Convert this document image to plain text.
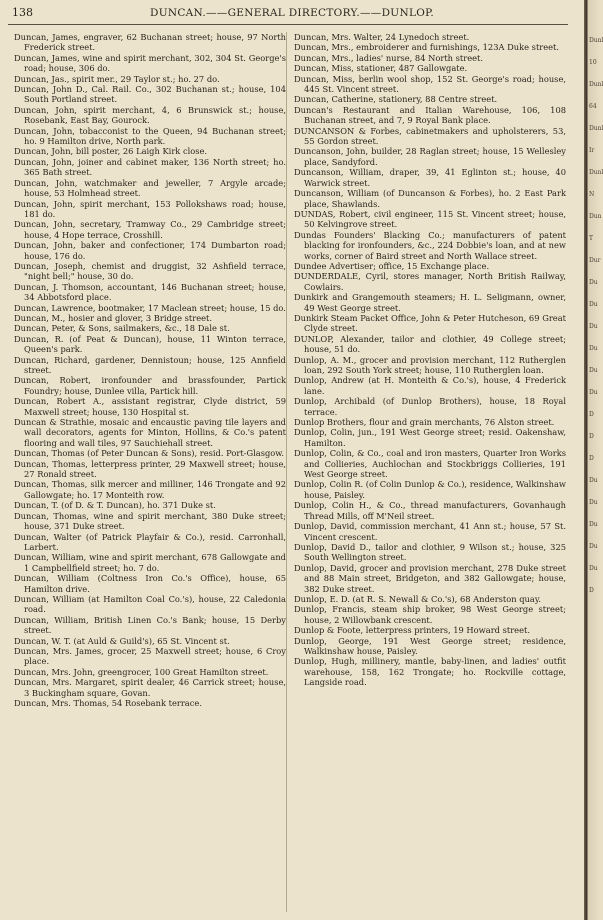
138	DUNCAN.——GENERAL DIRECTORY.——DUNLOP.

Duncan, James, engraver, 62 Buchanan street; house, 97 North Frederick street.

Duncan, James, wine and spirit merchant, 302, 304 St. George's road; house, 306 do.

Duncan, Jas., spirit mer., 29 Taylor st.; ho. 27 do.

Duncan, John D., Cal. Rail. Co., 302 Buchanan st.; house, 104 South Portland street.

Duncan, John, spirit merchant, 4, 6 Brunswick st.; house, Rosebank, East Bay, Gourock.

Duncan, John, tobacconist to the Queen, 94 Buchanan street; ho. 9 Hamilton drive, North park.

Duncan, John, bill poster, 26 Laigh Kirk close.

Duncan, John, joiner and cabinet maker, 136 North street; ho. 365 Bath street.

Duncan, John, watchmaker and jeweller, 7 Argyle arcade; house, 53 Holmhead street.

Duncan, John, spirit merchant, 153 Pollokshaws road; house, 181 do.

Duncan, John, secretary, Tramway Co., 29 Cambridge street; house, 4 Hope terrace, Crosshill.

Duncan, John, baker and confectioner, 174 Dumbarton road; house, 176 do.

Duncan, Joseph, chemist and druggist, 32 Ashfield terrace, "night bell;" house, 30 do.

Duncan, J. Thomson, accountant, 146 Buchanan street; house, 34 Abbotsford place.

Duncan, Lawrence, bootmaker, 17 Maclean street; house, 15 do.

Duncan, M., hosier and glover, 3 Bridge street.

Duncan, Peter, & Sons, sailmakers, &c., 18 Dale st.

Duncan, R. (of Peat & Duncan), house, 11 Winton terrace, Queen's park.

Duncan, Richard, gardener, Dennistoun; house, 125 Annfield street.

Duncan, Robert, ironfounder and brassfounder, Partick Foundry; house, Dunlee villa, Partick hill.

Duncan, Robert A., assistant registrar, Clyde district, 59 Maxwell street; house, 130 Hospital st.

Duncan & Strathie, mosaic and encaustic paving tile layers and wall decorators, agents for Minton, Hollins, & Co.'s patent flooring and wall tiles, 97 Sauchiehall street.

Duncan, Thomas (of Peter Duncan & Sons), resid. Port-Glasgow.

Duncan, Thomas, letterpress printer, 29 Maxwell street; house, 27 Ronald street.

Duncan, Thomas, silk mercer and milliner, 146 Trongate and 92 Gallowgate; ho. 17 Monteith row.

Duncan, T. (of D. & T. Duncan), ho. 371 Duke st.

Duncan, Thomas, wine and spirit merchant, 380 Duke street; house, 371 Duke street.

Duncan, Walter (of Patrick Playfair & Co.), resid. Carronhall, Larbert.

Duncan, William, wine and spirit merchant, 678 Gallowgate and 1 Campbellfield street; ho. 7 do.

Duncan, William (Coltness Iron Co.'s Office), house, 65 Hamilton drive.

Duncan, William (at Hamilton Coal Co.'s), house, 22 Caledonia road.

Duncan, William, British Linen Co.'s Bank; house, 15 Derby street.

Duncan, W. T. (at Auld & Guild's), 65 St. Vincent st.

Duncan, Mrs. James, grocer, 25 Maxwell street; house, 6 Croy place.

Duncan, Mrs. John, greengrocer, 100 Great Hamilton street.

Duncan, Mrs. Margaret, spirit dealer, 46 Carrick street; house, 3 Buckingham square, Govan.

Duncan, Mrs. Thomas, 54 Rosebank terrace.

Duncan, Mrs. Walter, 24 Lynedoch street.

Duncan, Mrs., embroiderer and furnishings, 123A Duke street.

Duncan, Mrs., ladies' nurse, 84 North street.

Duncan, Miss, stationer, 487 Gallowgate.

Duncan, Miss, berlin wool shop, 152 St. George's road; house, 445 St. Vincent street.

Duncan, Catherine, stationery, 88 Centre street.

Duncan's Restaurant and Italian Warehouse, 106, 108 Buchanan street, and 7, 9 Royal Bank place.

DUNCANSON & Forbes, cabinetmakers and upholsterers, 53, 55 Gordon street.

Duncanson, John, builder, 28 Raglan street; house, 15 Wellesley place, Sandyford.

Duncanson, William, draper, 39, 41 Eglinton st.; house, 40 Warwick street.

Duncanson, William (of Duncanson & Forbes), ho. 2 East Park place, Shawlands.

DUNDAS, Robert, civil engineer, 115 St. Vincent street; house, 50 Kelvingrove street.

Dundas Founders' Blacking Co.; manufacturers of patent blacking for ironfounders, &c., 224 Dobbie's loan, and at new works, corner of Baird street and North Wallace street.

Dundee Advertiser; office, 15 Exchange place.

DUNDERDALE, Cyril, stores manager, North British Railway, Cowlairs.

Dunkirk and Grangemouth steamers; H. L. Seligmann, owner, 49 West George street.

Dunkirk Steam Packet Office, John & Peter Hutcheson, 69 Great Clyde street.

DUNLOP, Alexander, tailor and clothier, 49 College street; house, 51 do.

Dunlop, A. M., grocer and provision merchant, 112 Rutherglen loan, 292 South York street; house, 110 Rutherglen loan.

Dunlop, Andrew (at H. Monteith & Co.'s), house, 4 Frederick lane.

Dunlop, Archibald (of Dunlop Brothers), house, 18 Royal terrace.

Dunlop Brothers, flour and grain merchants, 76 Alston street.

Dunlop, Colin, jun., 191 West George street; resid. Oakenshaw, Hamilton.

Dunlop, Colin, & Co., coal and iron masters, Quarter Iron Works and Collieries, Auchlochan and Stockbriggs Collieries, 191 West George street.

Dunlop, Colin R. (of Colin Dunlop & Co.), residence, Walkinshaw house, Paisley.

Dunlop, Colin H., & Co., thread manufacturers, Govanhaugh Thread Mills, off M'Neil street.

Dunlop, David, commission merchant, 41 Ann st.; house, 57 St. Vincent crescent.

Dunlop, David D., tailor and clothier, 9 Wilson st.; house, 325 South Wellington street.

Dunlop, David, grocer and provision merchant, 278 Duke street and 88 Main street, Bridgeton, and 382 Gallowgate; house, 382 Duke street.

Dunlop, E. D. (at R. S. Newall & Co.'s), 68 Anderston quay.

Dunlop, Francis, steam ship broker, 98 West George street; house, 2 Willowbank crescent.

Dunlop & Foote, letterpress printers, 19 Howard street.

Dunlop, George, 191 West George street; residence, Walkinshaw house, Paisley.

Dunlop, Hugh, millinery, mantle, baby-linen, and ladies' outfit warehouse, 158, 162 Trongate; ho. Rockville cottage, Langside road.

Dunl
10
Dunl
64
Dunl
Ir
Dunl
N
Dun
T
Dur
Du
Du
Du
Du
Du
Du
D
D
D
Du
Du
Du
Du
Du
D
